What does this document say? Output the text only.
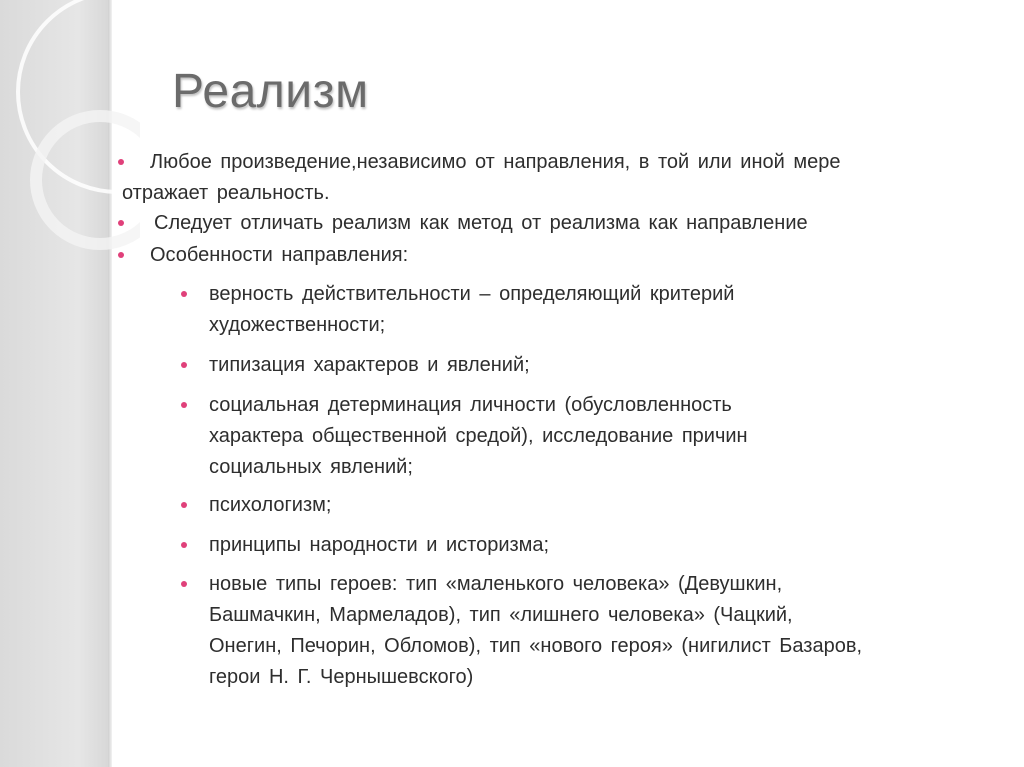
Реализм
Любое произведение,независимо от направления, в той или иной мере
отражает реальность.
Следует отличать реализм как метод от реализма как направление
Особенности направления:
верность действительности – определяющий критерий
художественности;
типизация характеров и явлений;
социальная детерминация личности (обусловленность
характера общественной средой), исследование причин
социальных явлений;
психологизм;
принципы народности и историзма;
новые типы героев: тип «маленького человека» (Девушкин,
Башмачкин, Мармеладов), тип «лишнего человека» (Чацкий,
Онегин, Печорин, Обломов), тип «нового героя» (нигилист Базаров,
герои Н. Г. Чернышевского)
